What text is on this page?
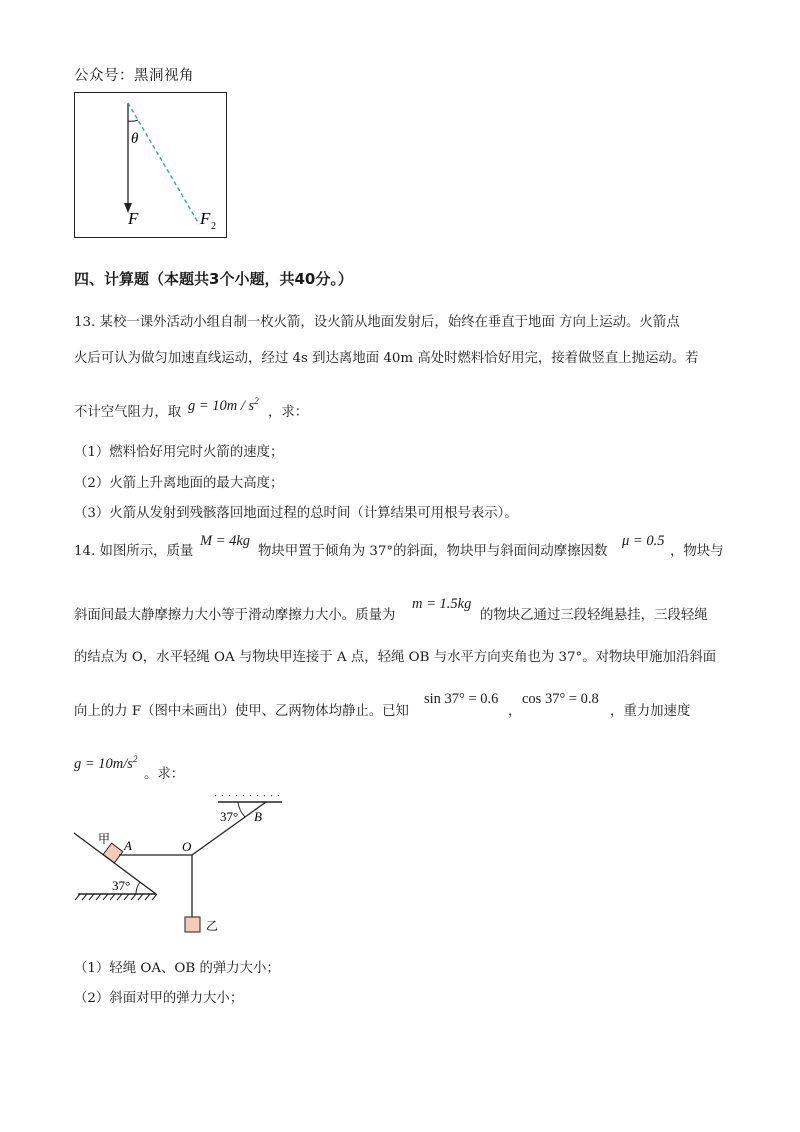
公众号：黑洞视角
θ
F	F 2
四、计算题（本题共3个小题，共40分。）
13. 某校一课外活动小组自制一枚火箭，设火箭从地面发射后，始终在垂直于地面 方向上运动。火箭点
火后可认为做匀加速直线运动，经过 4s 到达离地面 40m 高处时燃料恰好用完，接着做竖直上抛运动。若
不计空气阻力，取 $g = 10m / s^2$
，求：
（1）燃料恰好用完时火箭的速度；
（2）火箭上升离地面的最大高度；
（3）火箭从发射到残骸落回地面过程的总时间（计算结果可用根号表示）。
14. 如图所示，质量
M = 4kg
物块甲置于倾角为 37°的斜面，物块甲与斜面间动摩擦因数
μ = 0.5
，物块与
斜面间最大静摩擦力大小等于滑动摩擦力大小。质量为
m = 1.5kg
的物块乙通过三段轻绳悬挂，三段轻绳
的结点为 O，水平轻绳 OA 与物块甲连接于 A 点，轻绳 OB 与水平方向夹角也为 37°。对物块甲施加沿斜面
向上的力 F（图中未画出）使甲、乙两物体均静止。已知
sin 37° = 0.6
，
cos 37° = 0.8
，重力加速度
$g = 10m/s^2$
。求：
37° B
37°
甲 A	O
乙
（1）轻绳 OA、OB 的弹力大小；
（2）斜面对甲的弹力大小；
